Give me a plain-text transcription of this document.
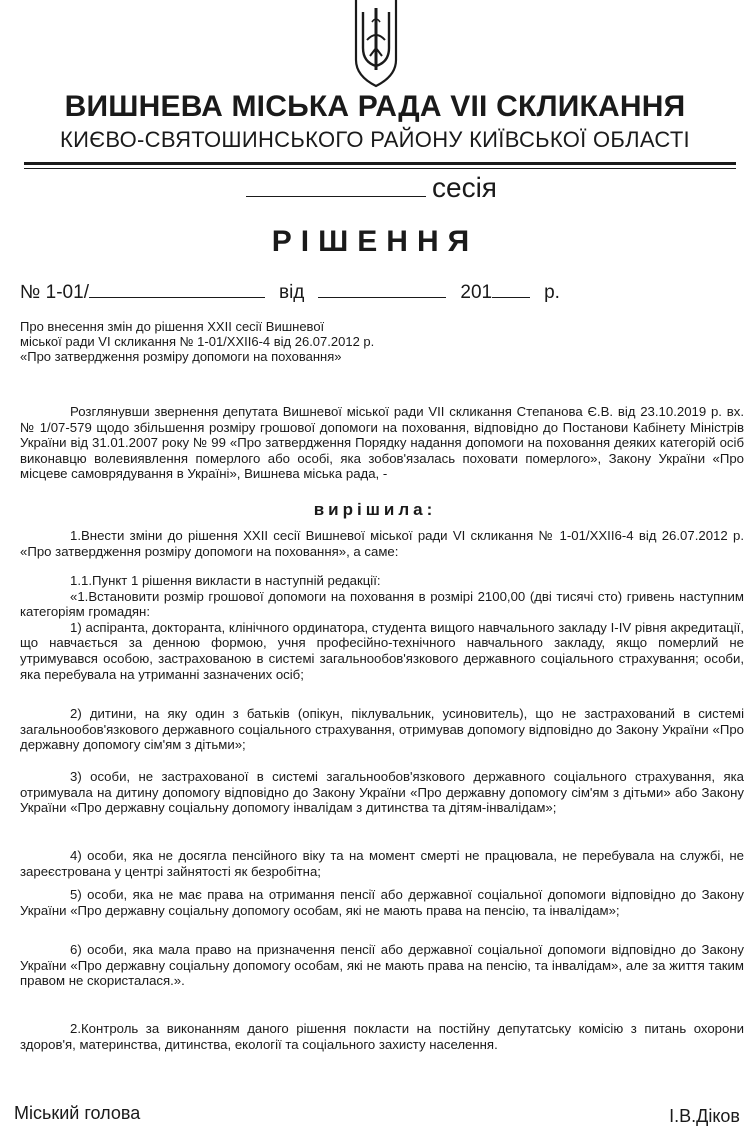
ВИШНЕВА МІСЬКА РАДА VII СКЛИКАННЯ
КИЄВО-СВЯТОШИНСЬКОГО РАЙОНУ КИЇВСЬКОЇ ОБЛАСТІ
сесія
РІШЕННЯ
№ 1-01/	від	201	р.
Про внесення змін до рішення XXII сесії Вишневої
міської ради VI скликання № 1-01/XXII6-4 від 26.07.2012 р.
«Про затвердження розміру допомоги на поховання»

Розглянувши звернення депутата Вишневої міської ради VII скликання Степанова Є.В. від 23.10.2019 р. вх. № 1/07-579 щодо збільшення розміру грошової допомоги на поховання, відповідно до Постанови Кабінету Міністрів України від 31.01.2007 року № 99 «Про затвердження Порядку надання допомоги на поховання деяких категорій осіб виконавцю волевиявлення померлого або особі, яка зобов'язалась поховати померлого», Закону України «Про місцеве самоврядування в Україні», Вишнева міська рада, -

вирішила:

1.Внести зміни до рішення XXII сесії Вишневої міської ради VI скликання № 1-01/XXII6-4 від 26.07.2012 р. «Про затвердження розміру допомоги на поховання», а саме:

1.1.Пункт 1 рішення викласти в наступній редакції:

«1.Встановити розмір грошової допомоги на поховання в розмірі 2100,00 (дві тисячі сто) гривень наступним категоріям громадян:

1) аспіранта, докторанта, клінічного ординатора, студента вищого навчального закладу I-IV рівня акредитації, що навчається за денною формою, учня професійно-технічного навчального закладу, якщо померлий не утримувався особою, застрахованою в системі загальнообов'язкового державного соціального страхування; особи, яка перебувала на утриманні зазначених осіб;

2) дитини, на яку один з батьків (опікун, піклувальник, усиновитель), що не застрахований в системі загальнообов'язкового державного соціального страхування, отримував допомогу відповідно до Закону України «Про державну допомогу сім'ям з дітьми»;

3) особи, не застрахованої в системі загальнообов'язкового державного соціального страхування, яка отримувала на дитину допомогу відповідно до Закону України «Про державну допомогу сім'ям з дітьми» або Закону України «Про державну соціальну допомогу інвалідам з дитинства та дітям-інвалідам»;

4) особи, яка не досягла пенсійного віку та на момент смерті не працювала, не перебувала на службі, не зареєстрована у центрі зайнятості як безробітна;

5) особи, яка не має права на отримання пенсії або державної соціальної допомоги відповідно до Закону України «Про державну соціальну допомогу особам, які не мають права на пенсію, та інвалідам»;

6) особи, яка мала право на призначення пенсії або державної соціальної допомоги відповідно до Закону України «Про державну соціальну допомогу особам, які не мають права на пенсію, та інвалідам», але за життя таким правом не скористалася.».

2.Контроль за виконанням даного рішення покласти на постійну депутатську комісію з питань охорони здоров'я, материнства, дитинства, екології та соціального захисту населення.

Міський голова	І.В.Діков
